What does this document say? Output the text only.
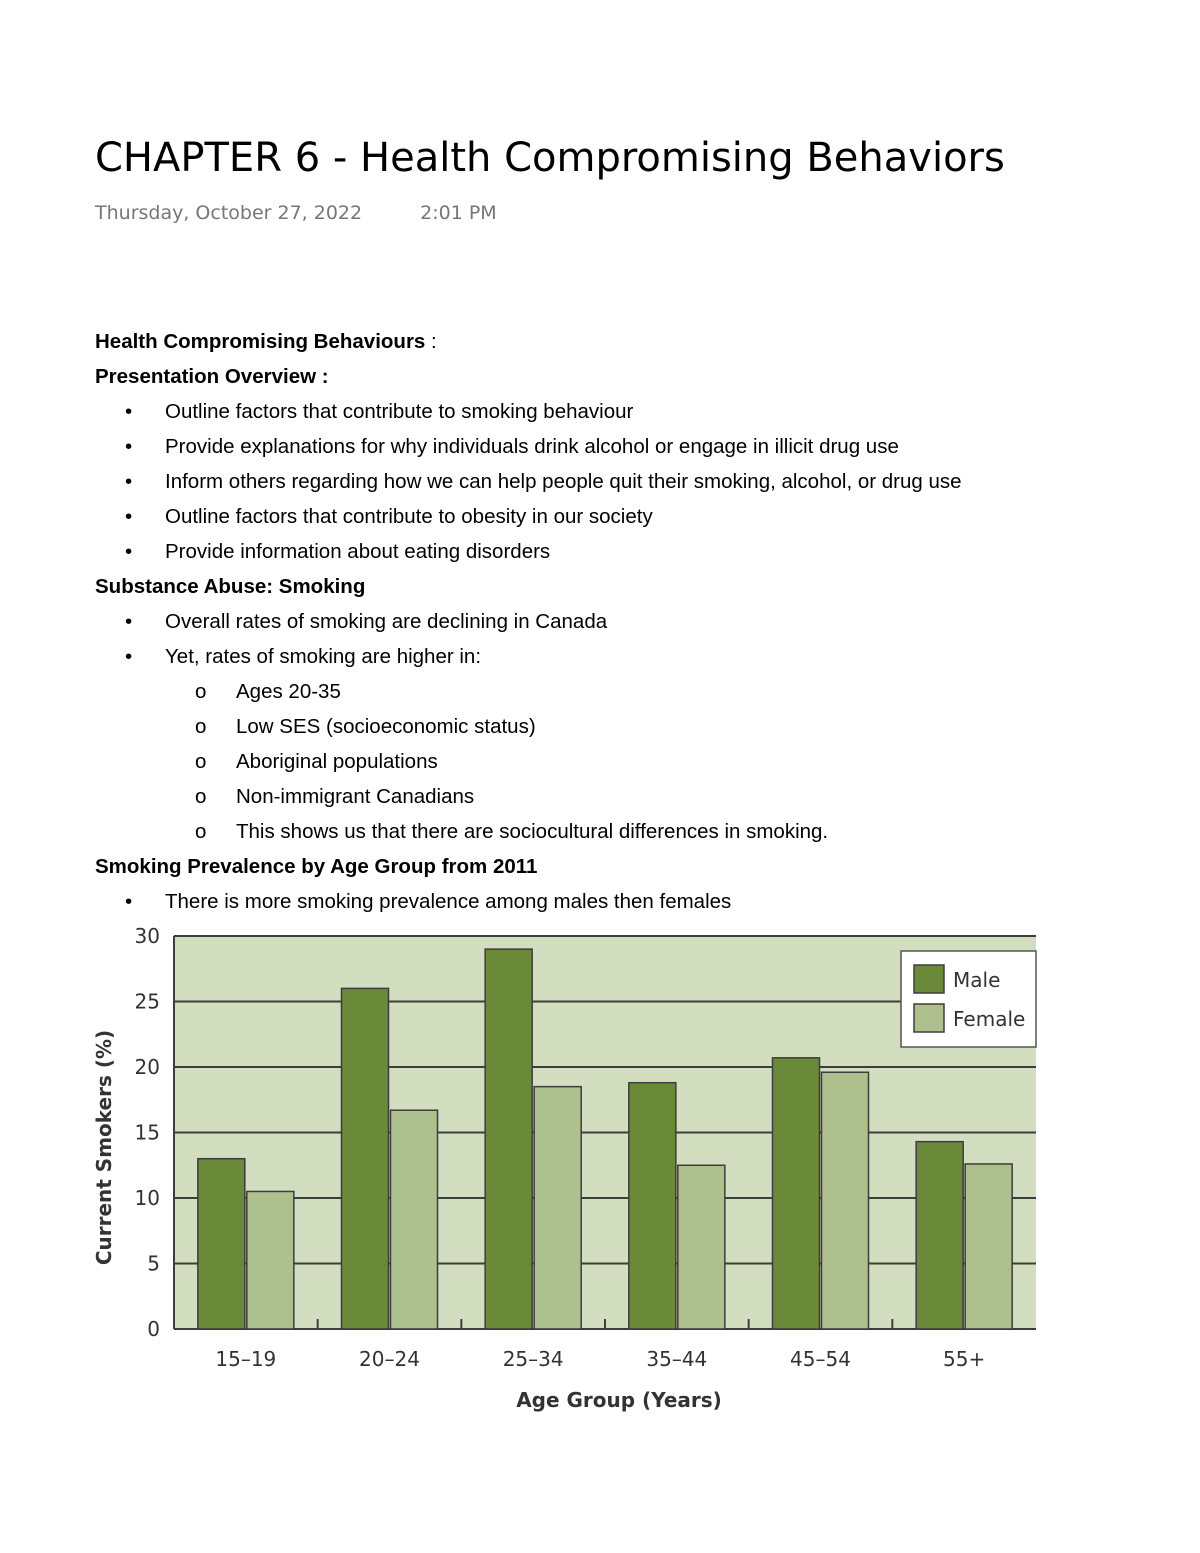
CHAPTER 6 - Health Compromising Behaviors
Thursday, October 27, 2022	2:01 PM
Health Compromising Behaviours :
Presentation Overview :
• Outline factors that contribute to smoking behaviour
• Provide explanations for why individuals drink alcohol or engage in illicit drug use
• Inform others regarding how we can help people quit their smoking, alcohol, or drug use
• Outline factors that contribute to obesity in our society
• Provide information about eating disorders
Substance Abuse: Smoking
• Overall rates of smoking are declining in Canada
• Yet, rates of smoking are higher in:
o Ages 20-35
o Low SES (socioeconomic status)
o Aboriginal populations
o Non-immigrant Canadians
o This shows us that there are sociocultural differences in smoking.
Smoking Prevalence by Age Group from 2011
• There is more smoking prevalence among males then females
0
5
10
15
20
25
30
15–19	20–24	25–34	35–44	45–54	55+
Age Group (Years)
Current Smokers (%)
Male
Female
